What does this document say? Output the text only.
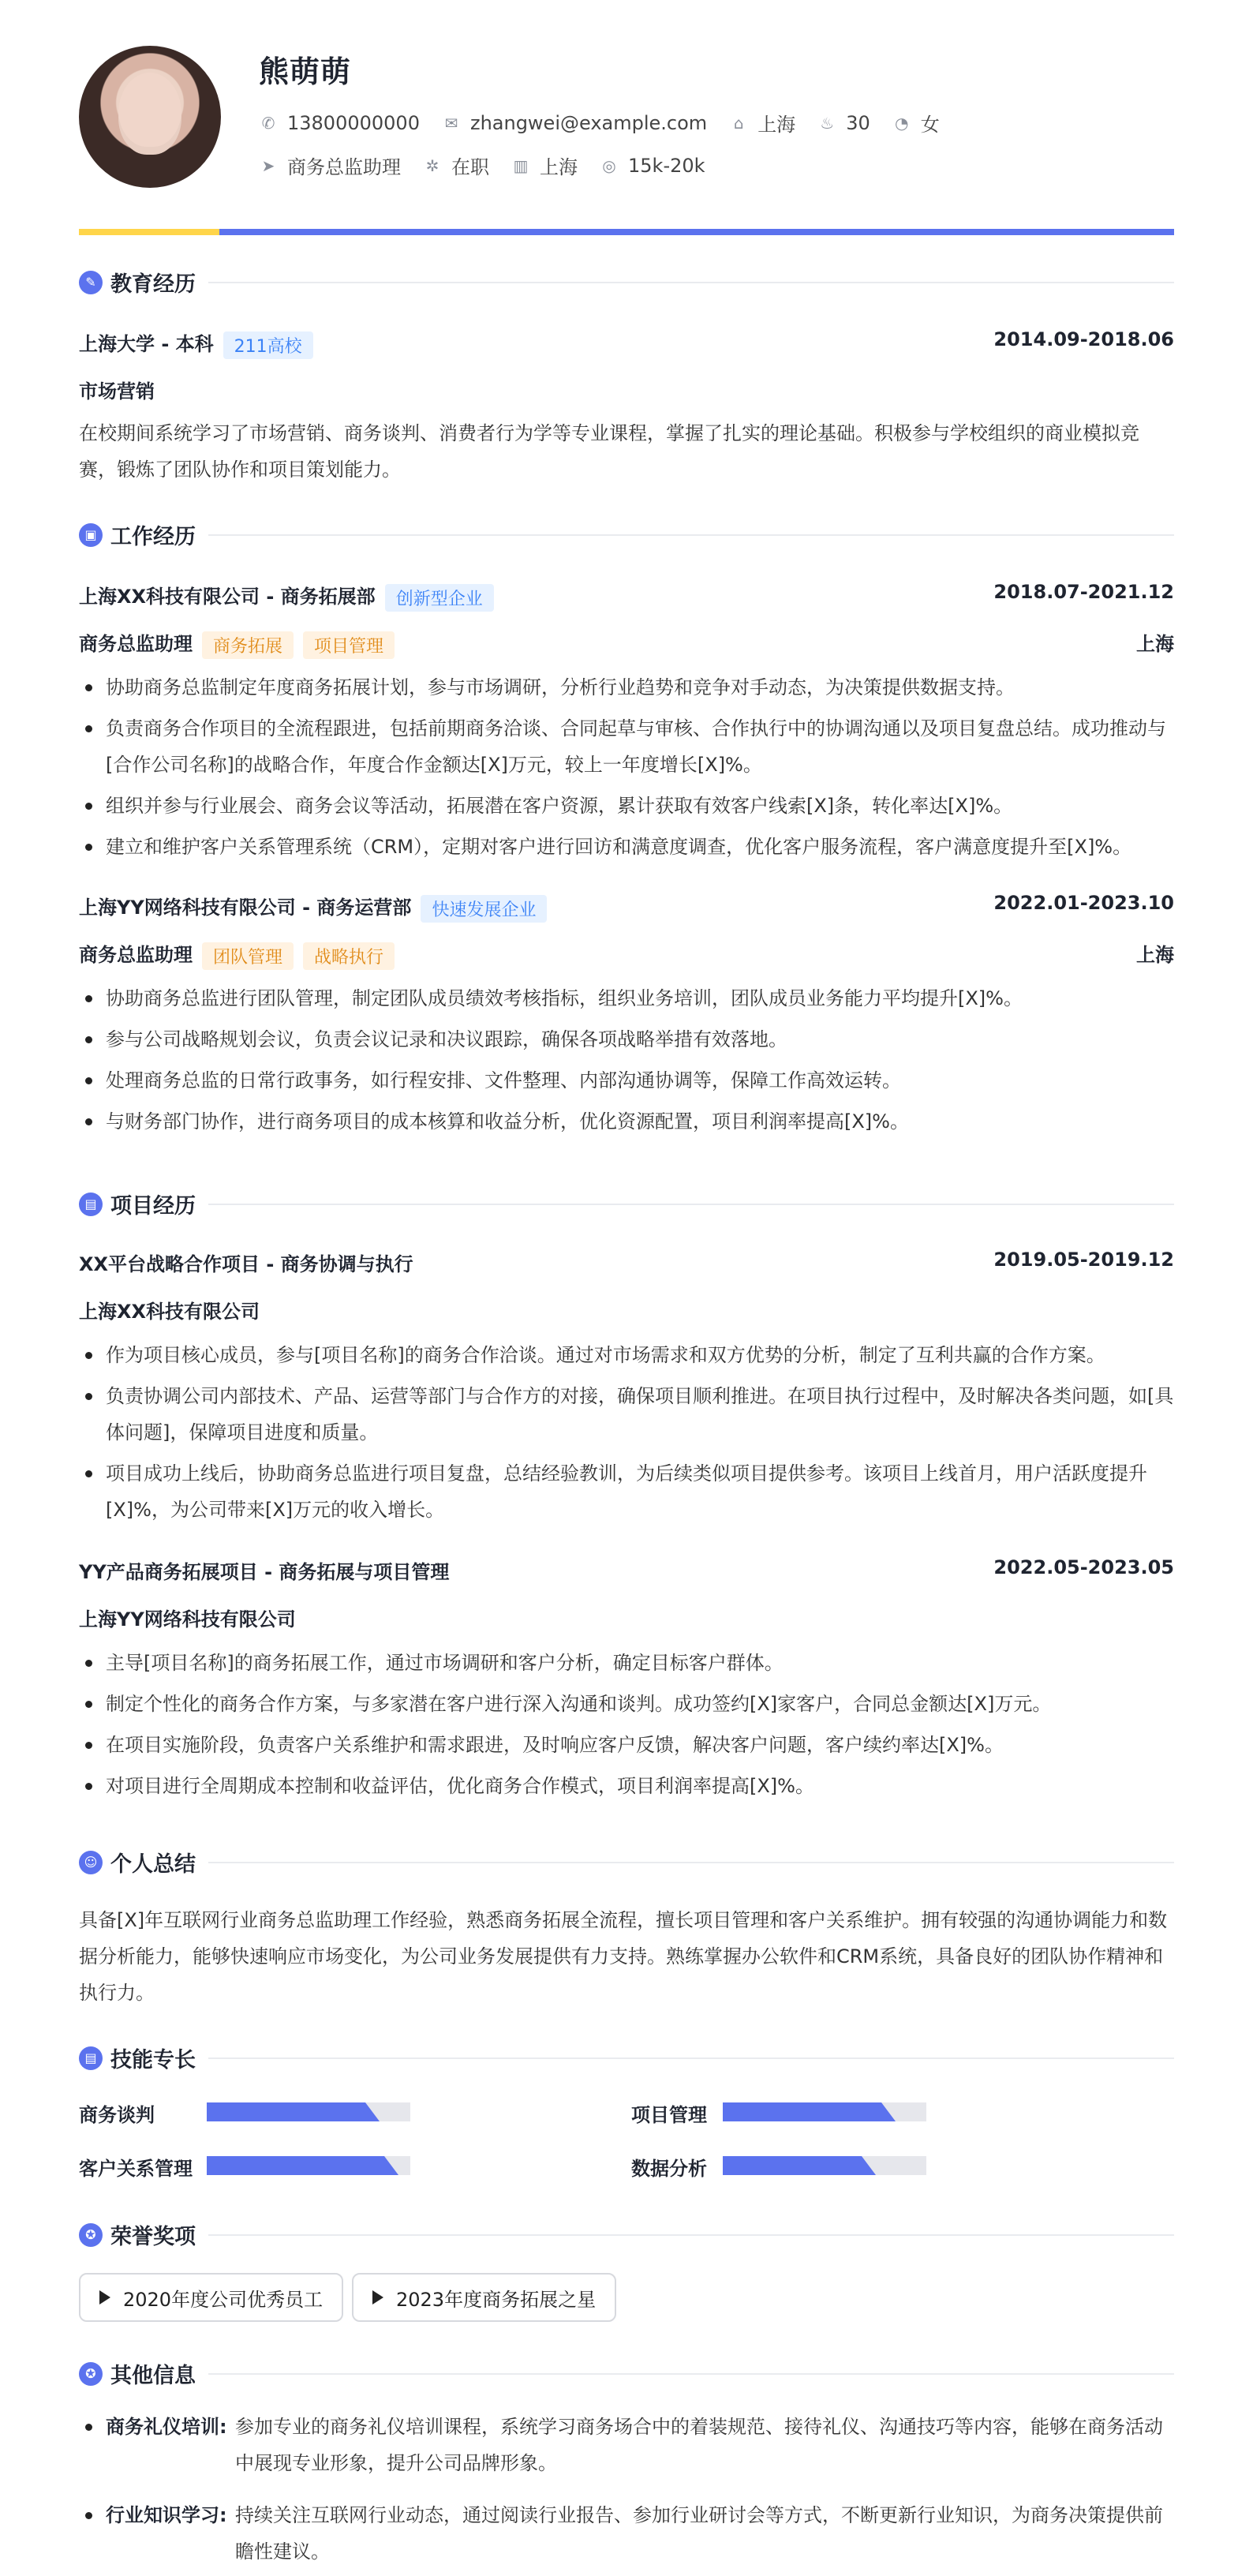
熊萌萌
✆ 13800000000 ✉ zhangwei@example.com ⌂ 上海 ♨ 30 ◔ 女
➤ 商务总监助理 ✲ 在职 ▥ 上海 ◎ 15k-20k
✎ 教育经历
上海大学 - 本科 211高校	2014.09-2018.06
市场营销
在校期间系统学习了市场营销、商务谈判、消费者行为学等专业课程，掌握了扎实的理论基础。积极参与学校组织的商业模拟竞赛，锻炼了团队协作和项目策划能力。
▣ 工作经历
上海XX科技有限公司 - 商务拓展部 创新型企业	2018.07-2021.12
商务总监助理 商务拓展 项目管理	上海
协助商务总监制定年度商务拓展计划，参与市场调研，分析行业趋势和竞争对手动态，为决策提供数据支持。
负责商务合作项目的全流程跟进，包括前期商务洽谈、合同起草与审核、合作执行中的协调沟通以及项目复盘总结。成功推动与[合作公司名称]的战略合作，年度合作金额达[X]万元，较上一年度增长[X]%。
组织并参与行业展会、商务会议等活动，拓展潜在客户资源，累计获取有效客户线索[X]条，转化率达[X]%。
建立和维护客户关系管理系统（CRM），定期对客户进行回访和满意度调查，优化客户服务流程，客户满意度提升至[X]%。
上海YY网络科技有限公司 - 商务运营部 快速发展企业	2022.01-2023.10
商务总监助理 团队管理 战略执行	上海
协助商务总监进行团队管理，制定团队成员绩效考核指标，组织业务培训，团队成员业务能力平均提升[X]%。
参与公司战略规划会议，负责会议记录和决议跟踪，确保各项战略举措有效落地。
处理商务总监的日常行政事务，如行程安排、文件整理、内部沟通协调等，保障工作高效运转。
与财务部门协作，进行商务项目的成本核算和收益分析，优化资源配置，项目利润率提高[X]%。
▤ 项目经历
XX平台战略合作项目 - 商务协调与执行	2019.05-2019.12
上海XX科技有限公司
作为项目核心成员，参与[项目名称]的商务合作洽谈。通过对市场需求和双方优势的分析，制定了互利共赢的合作方案。
负责协调公司内部技术、产品、运营等部门与合作方的对接，确保项目顺利推进。在项目执行过程中，及时解决各类问题，如[具体问题]，保障项目进度和质量。
项目成功上线后，协助商务总监进行项目复盘，总结经验教训，为后续类似项目提供参考。该项目上线首月，用户活跃度提升[X]%，为公司带来[X]万元的收入增长。
YY产品商务拓展项目 - 商务拓展与项目管理	2022.05-2023.05
上海YY网络科技有限公司
主导[项目名称]的商务拓展工作，通过市场调研和客户分析，确定目标客户群体。
制定个性化的商务合作方案，与多家潜在客户进行深入沟通和谈判。成功签约[X]家客户，合同总金额达[X]万元。
在项目实施阶段，负责客户关系维护和需求跟进，及时响应客户反馈，解决客户问题，客户续约率达[X]%。
对项目进行全周期成本控制和收益评估，优化商务合作模式，项目利润率提高[X]%。
☺ 个人总结
具备[X]年互联网行业商务总监助理工作经验，熟悉商务拓展全流程，擅长项目管理和客户关系维护。拥有较强的沟通协调能力和数据分析能力，能够快速响应市场变化，为公司业务发展提供有力支持。熟练掌握办公软件和CRM系统，具备良好的团队协作精神和执行力。
▤ 技能专长
商务谈判	项目管理
客户关系管理	数据分析
✪ 荣誉奖项
2020年度公司优秀员工	2023年度商务拓展之星
✪ 其他信息
商务礼仪培训: 参加专业的商务礼仪培训课程，系统学习商务场合中的着装规范、接待礼仪、沟通技巧等内容，能够在商务活动中展现专业形象，提升公司品牌形象。
行业知识学习: 持续关注互联网行业动态，通过阅读行业报告、参加行业研讨会等方式，不断更新行业知识，为商务决策提供前瞻性建议。
